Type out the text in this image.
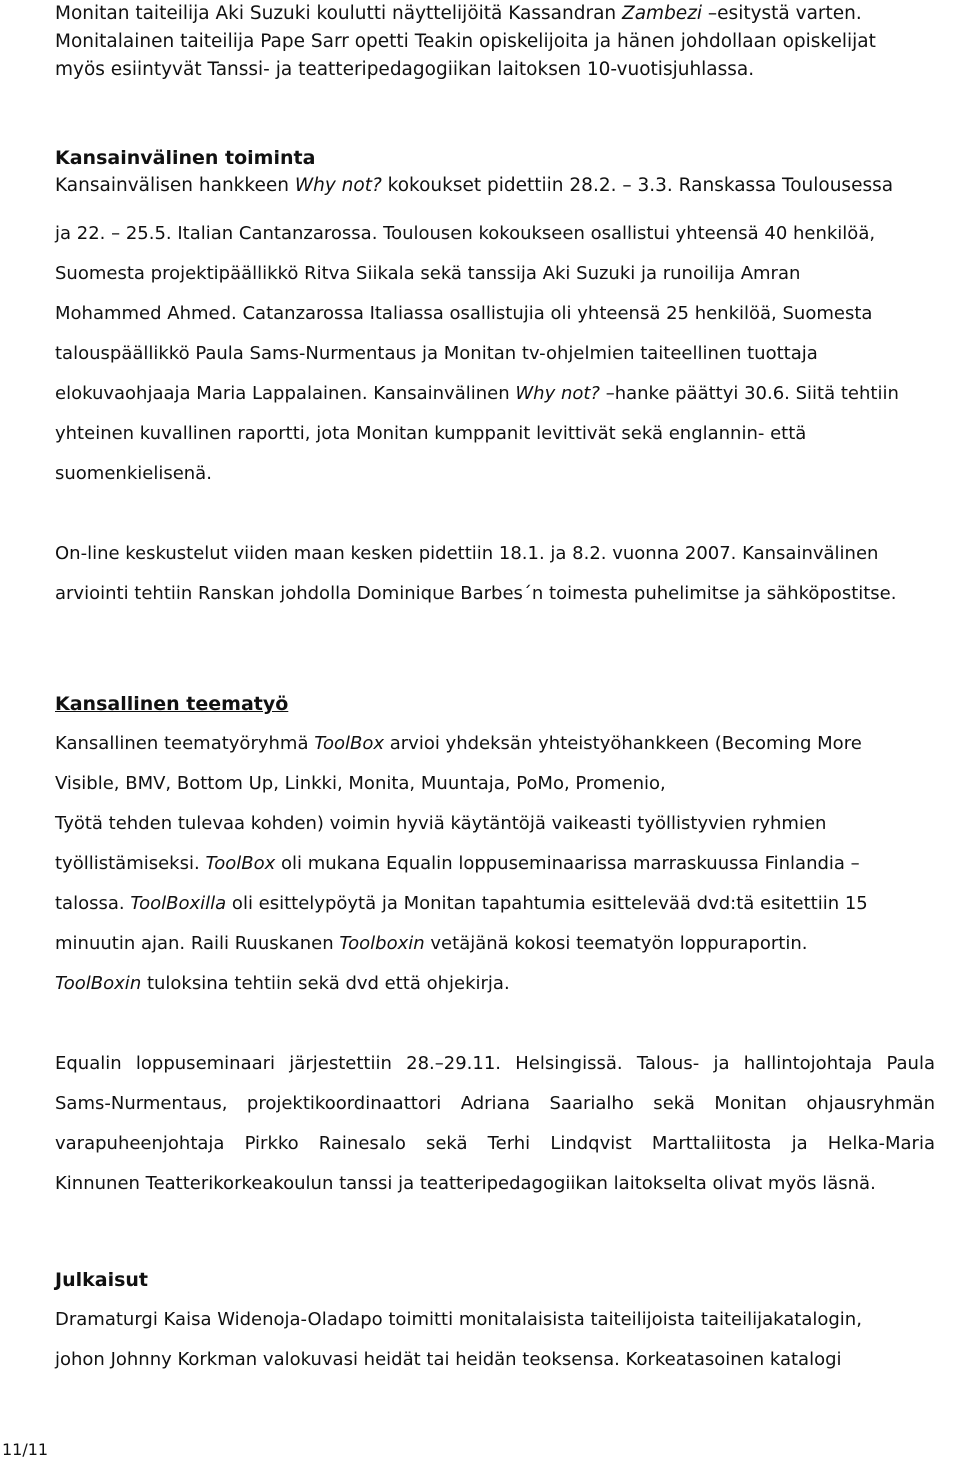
Monitan taiteilija Aki Suzuki koulutti näyttelijöitä Kassandran Zambezi –esitystä varten.
Monitalainen taiteilija Pape Sarr opetti Teakin opiskelijoita ja hänen johdollaan opiskelijat
myös esiintyvät Tanssi- ja teatteripedagogiikan laitoksen 10-vuotisjuhlassa.

Kansainvälinen toiminta
Kansainvälisen hankkeen Why not? kokoukset pidettiin 28.2. – 3.3. Ranskassa Toulousessa

ja 22. – 25.5. Italian Cantanzarossa. Toulousen kokoukseen osallistui yhteensä 40 henkilöä,
Suomesta projektipäällikkö Ritva Siikala sekä tanssija Aki Suzuki ja runoilija Amran
Mohammed Ahmed. Catanzarossa Italiassa osallistujia oli yhteensä 25 henkilöä, Suomesta
talouspäällikkö Paula Sams-Nurmentaus ja Monitan tv-ohjelmien taiteellinen tuottaja
elokuvaohjaaja Maria Lappalainen. Kansainvälinen Why not? –hanke päättyi 30.6. Siitä tehtiin
yhteinen kuvallinen raportti, jota Monitan kumppanit levittivät sekä englannin- että
suomenkielisenä.

On-line keskustelut viiden maan kesken pidettiin 18.1. ja 8.2. vuonna 2007. Kansainvälinen
arviointi tehtiin Ranskan johdolla Dominique Barbes´n toimesta puhelimitse ja sähköpostitse.

Kansallinen teematyö
Kansallinen teematyöryhmä ToolBox arvioi yhdeksän yhteistyöhankkeen (Becoming More
Visible, BMV, Bottom Up, Linkki, Monita, Muuntaja, PoMo, Promenio,
Työtä tehden tulevaa kohden) voimin hyviä käytäntöjä vaikeasti työllistyvien ryhmien
työllistämiseksi. ToolBox oli mukana Equalin loppuseminaarissa marraskuussa Finlandia –
talossa. ToolBoxilla oli esittelypöytä ja Monitan tapahtumia esittelevää dvd:tä esitettiin 15
minuutin ajan. Raili Ruuskanen Toolboxin vetäjänä kokosi teematyön loppuraportin.
ToolBoxin tuloksina tehtiin sekä dvd että ohjekirja.

Equalin loppuseminaari järjestettiin 28.–29.11. Helsingissä. Talous- ja hallintojohtaja Paula
Sams-Nurmentaus, projektikoordinaattori Adriana Saarialho sekä Monitan ohjausryhmän
varapuheenjohtaja Pirkko Rainesalo sekä Terhi Lindqvist Marttaliitosta ja Helka-Maria
Kinnunen Teatterikorkeakoulun tanssi ja teatteripedagogiikan laitokselta olivat myös läsnä.

Julkaisut
Dramaturgi Kaisa Widenoja-Oladapo toimitti monitalaisista taiteilijoista taiteilijakatalogin,
johon Johnny Korkman valokuvasi heidät tai heidän teoksensa. Korkeatasoinen katalogi
11/11
